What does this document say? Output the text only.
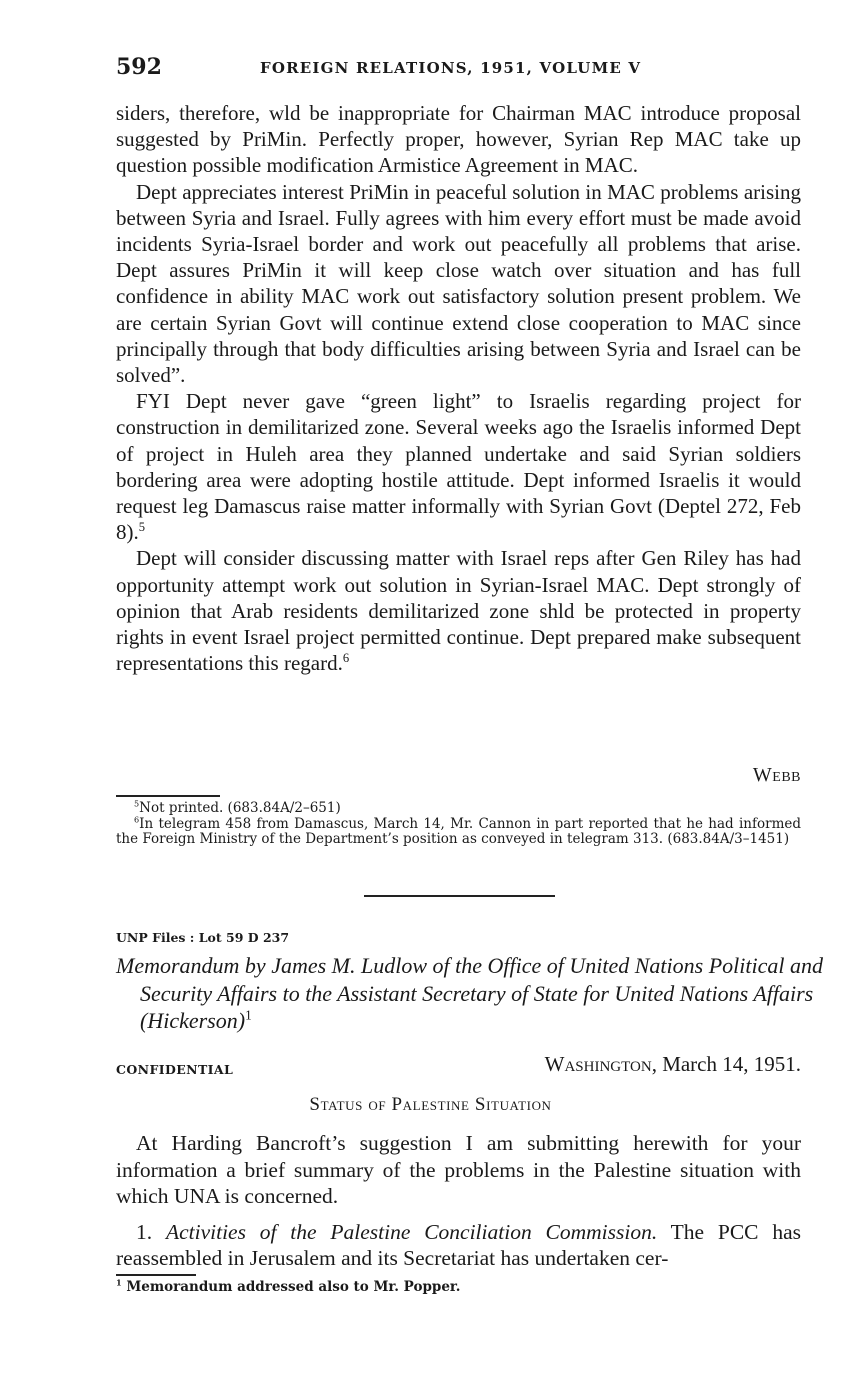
592	FOREIGN RELATIONS, 1951, VOLUME V

siders, therefore, wld be inappropriate for Chairman MAC introduce proposal suggested by PriMin. Perfectly proper, however, Syrian Rep MAC take up question possible modification Armistice Agreement in MAC.

Dept appreciates interest PriMin in peaceful solution in MAC problems arising between Syria and Israel. Fully agrees with him every effort must be made avoid incidents Syria-Israel border and work out peacefully all problems that arise. Dept assures PriMin it will keep close watch over situation and has full confidence in ability MAC work out satisfactory solution present problem. We are certain Syrian Govt will continue extend close cooperation to MAC since principally through that body difficulties arising between Syria and Israel can be solved”.

FYI Dept never gave “green light” to Israelis regarding project for construction in demilitarized zone. Several weeks ago the Israelis informed Dept of project in Huleh area they planned undertake and said Syrian soldiers bordering area were adopting hostile attitude. Dept informed Israelis it would request leg Damascus raise matter informally with Syrian Govt (Deptel 272, Feb 8).$^5$

Dept will consider discussing matter with Israel reps after Gen Riley has had opportunity attempt work out solution in Syrian-Israel MAC. Dept strongly of opinion that Arab residents demilitarized zone shld be protected in property rights in event Israel project permitted continue. Dept prepared make subsequent representations this regard.$^6$

Webb

$^5$Not printed. (683.84A/2–651)

$^6$In telegram 458 from Damascus, March 14, Mr. Cannon in part reported that he had informed the Foreign Ministry of the Department’s position as conveyed in telegram 313. (683.84A/3–1451)

UNP Files : Lot 59 D 237
Memorandum by James M. Ludlow of the Office of United Nations Political and Security Affairs to the Assistant Secretary of State for United Nations Affairs (Hickerson)$^1$
CONFIDENTIAL	Washington, March 14, 1951.
Status of Palestine Situation

At Harding Bancroft’s suggestion I am submitting herewith for your information a brief summary of the problems in the Palestine situation with which UNA is concerned.

1. Activities of the Palestine Conciliation Commission. The PCC has reassembled in Jerusalem and its Secretariat has undertaken cer-

$^1$ Memorandum addressed also to Mr. Popper.
